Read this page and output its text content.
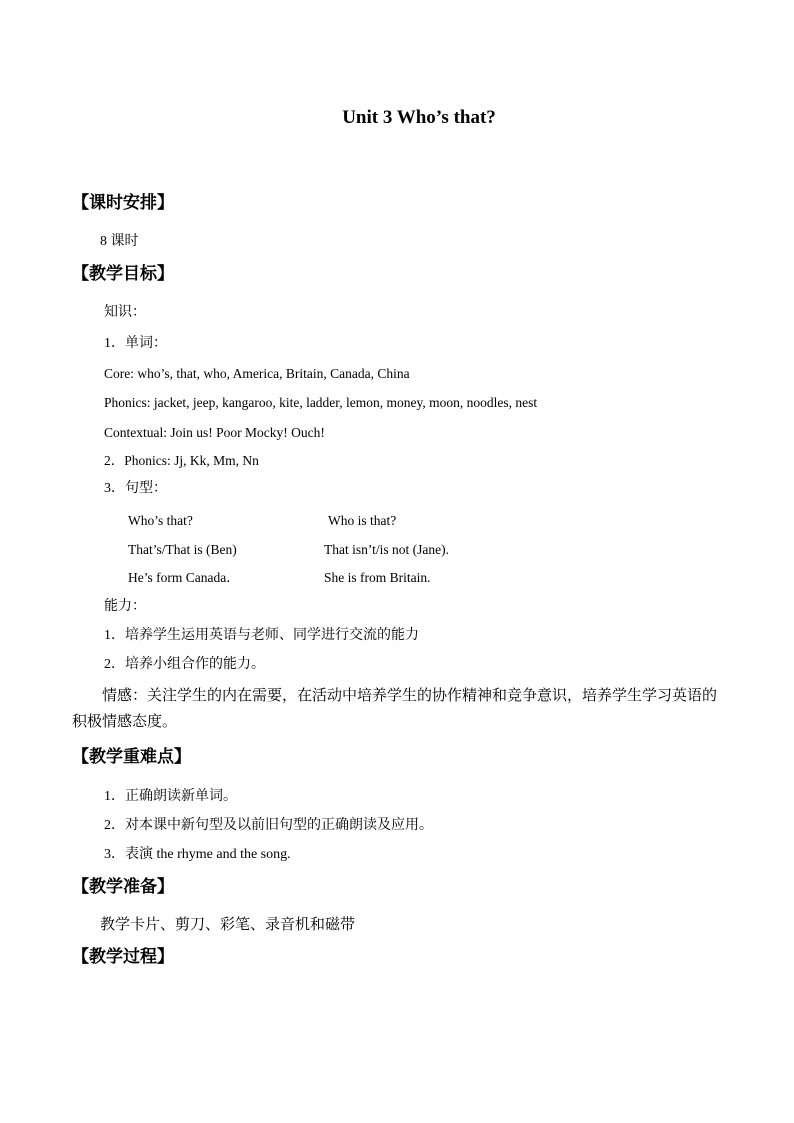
Unit 3 Who’s that?
【课时安排】
8 课时
【教学目标】
知识：
1．单词：
Core: who’s, that, who, America, Britain, Canada, China
Phonics: jacket, jeep, kangaroo, kite, ladder, lemon, money, moon, noodles, nest
Contextual: Join us! Poor Mocky! Ouch!
2．Phonics: Jj, Kk, Mm, Nn
3．句型：
Who’s that?	Who is that?
That’s/That is (Ben)	That isn’t/is not (Jane).
He’s form Canada．	She is from Britain.
能力：
1．培养学生运用英语与老师、同学进行交流的能力
2．培养小组合作的能力。
情感：关注学生的内在需要，在活动中培养学生的协作精神和竞争意识，培养学生学习英语的积极情感态度。
【教学重难点】
1．正确朗读新单词。
2．对本课中新句型及以前旧句型的正确朗读及应用。
3．表演 the rhyme and the song.
【教学准备】
教学卡片、剪刀、彩笔、录音机和磁带
【教学过程】
